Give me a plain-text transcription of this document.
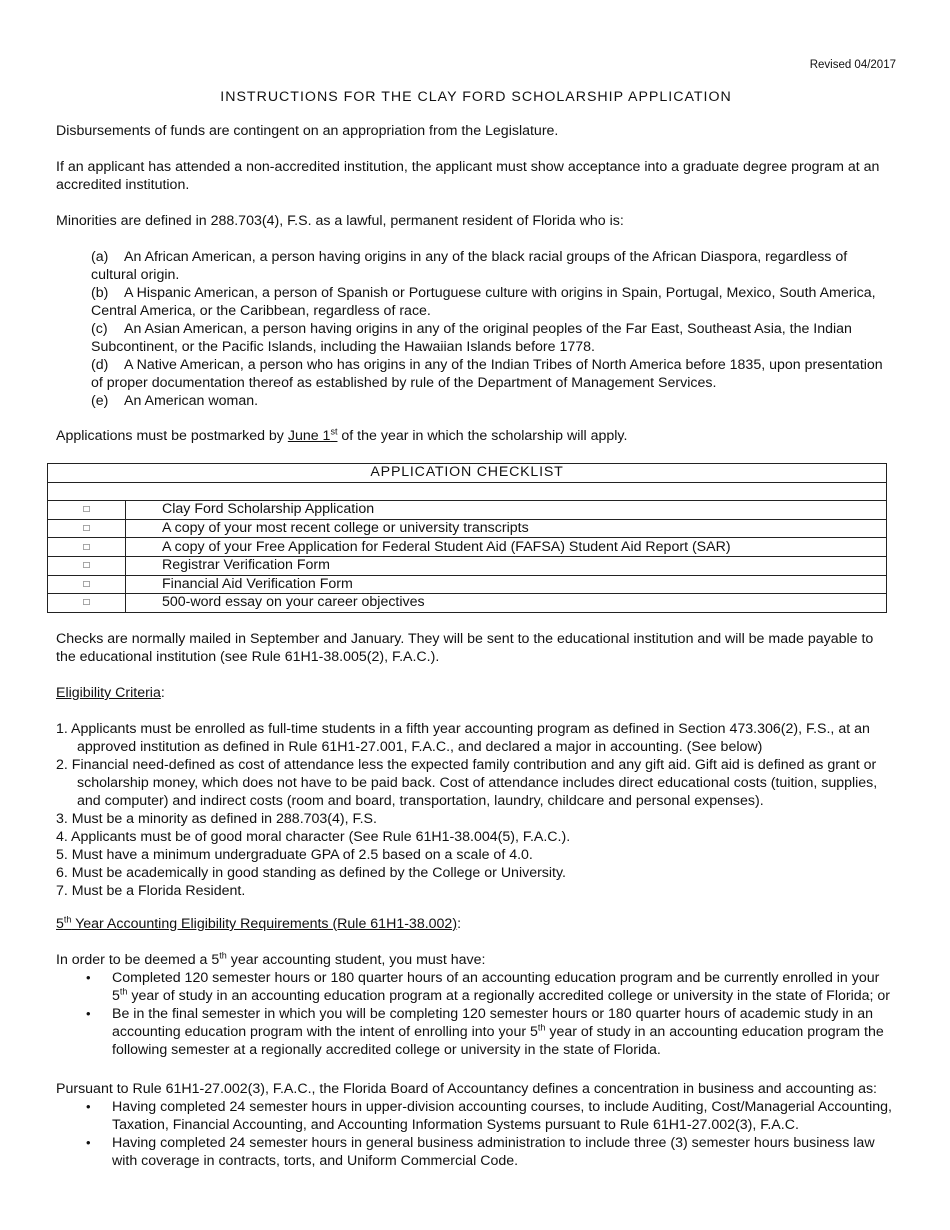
Revised 04/2017
INSTRUCTIONS FOR THE CLAY FORD SCHOLARSHIP APPLICATION

Disbursements of funds are contingent on an appropriation from the Legislature.

If an applicant has attended a non-accredited institution, the applicant must show acceptance into a graduate degree program at an accredited institution.

Minorities are defined in 288.703(4), F.S. as a lawful, permanent resident of Florida who is:

(a) An African American, a person having origins in any of the black racial groups of the African Diaspora, regardless of cultural origin.
(b) A Hispanic American, a person of Spanish or Portuguese culture with origins in Spain, Portugal, Mexico, South America, Central America, or the Caribbean, regardless of race.
(c) An Asian American, a person having origins in any of the original peoples of the Far East, Southeast Asia, the Indian Subcontinent, or the Pacific Islands, including the Hawaiian Islands before 1778.
(d) A Native American, a person who has origins in any of the Indian Tribes of North America before 1835, upon presentation of proper documentation thereof as established by rule of the Department of Management Services.
(e) An American woman.

Applications must be postmarked by June 1st of the year in which the scholarship will apply.

APPLICATION CHECKLIST	

□	Clay Ford Scholarship Application
□	A copy of your most recent college or university transcripts
□	A copy of your Free Application for Federal Student Aid (FAFSA) Student Aid Report (SAR)
□	Registrar Verification Form
□	Financial Aid Verification Form
□	500-word essay on your career objectives

Checks are normally mailed in September and January. They will be sent to the educational institution and will be made payable to the educational institution (see Rule 61H1-38.005(2), F.A.C.).

Eligibility Criteria:

1. Applicants must be enrolled as full-time students in a fifth year accounting program as defined in Section 473.306(2), F.S., at an approved institution as defined in Rule 61H1-27.001, F.A.C., and declared a major in accounting. (See below)
2. Financial need-defined as cost of attendance less the expected family contribution and any gift aid. Gift aid is defined as grant or scholarship money, which does not have to be paid back. Cost of attendance includes direct educational costs (tuition, supplies, and computer) and indirect costs (room and board, transportation, laundry, childcare and personal expenses).
3. Must be a minority as defined in 288.703(4), F.S.
4. Applicants must be of good moral character (See Rule 61H1-38.004(5), F.A.C.).
5. Must have a minimum undergraduate GPA of 2.5 based on a scale of 4.0.
6. Must be academically in good standing as defined by the College or University.
7. Must be a Florida Resident.

5th Year Accounting Eligibility Requirements (Rule 61H1-38.002):

In order to be deemed a 5th year accounting student, you must have:

• Completed 120 semester hours or 180 quarter hours of an accounting education program and be currently enrolled in your 5th year of study in an accounting education program at a regionally accredited college or university in the state of Florida; or
• Be in the final semester in which you will be completing 120 semester hours or 180 quarter hours of academic study in an accounting education program with the intent of enrolling into your 5th year of study in an accounting education program the following semester at a regionally accredited college or university in the state of Florida.

Pursuant to Rule 61H1-27.002(3), F.A.C., the Florida Board of Accountancy defines a concentration in business and accounting as:

• Having completed 24 semester hours in upper-division accounting courses, to include Auditing, Cost/Managerial Accounting, Taxation, Financial Accounting, and Accounting Information Systems pursuant to Rule 61H1-27.002(3), F.A.C.
• Having completed 24 semester hours in general business administration to include three (3) semester hours business law with coverage in contracts, torts, and Uniform Commercial Code.
